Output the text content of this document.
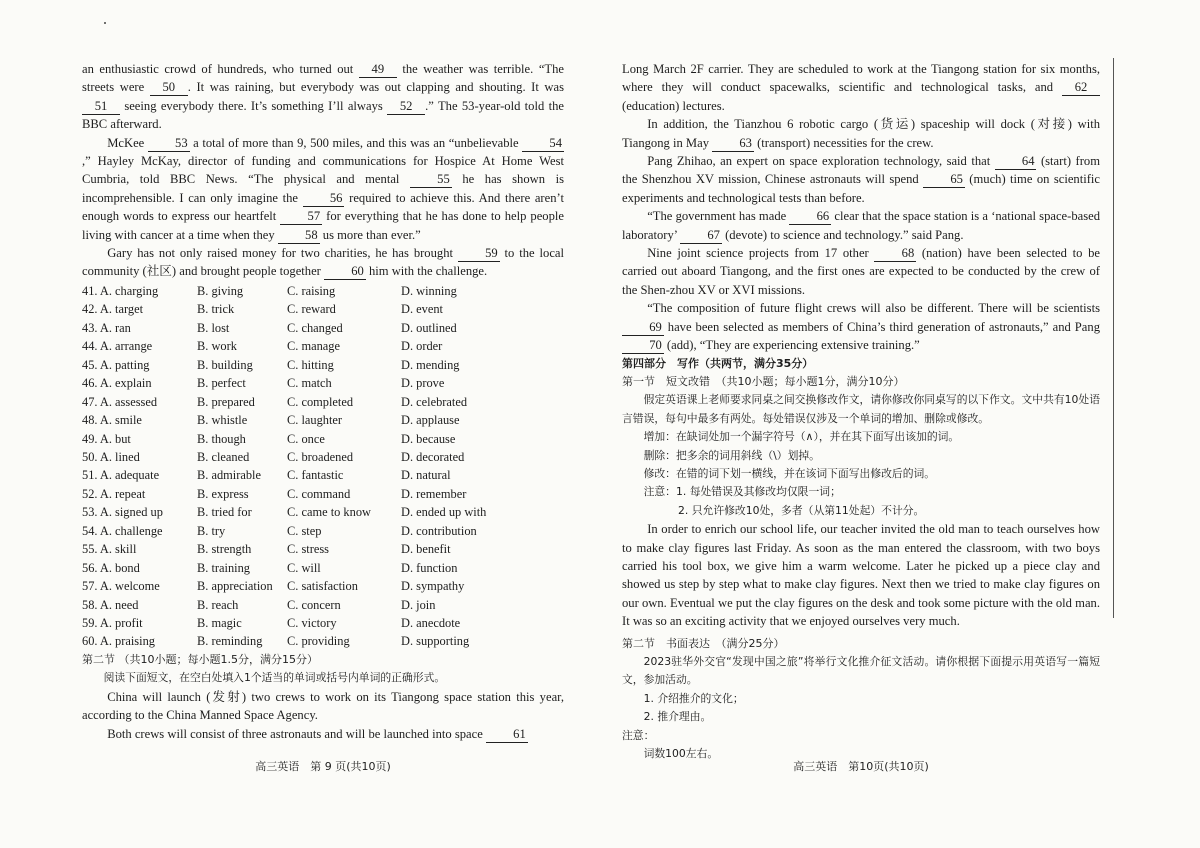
an enthusiastic crowd of hundreds, who turned out 49 the weather was terrible. “The streets were 50 . It was raining, but everybody was out clapping and shouting. It was 51 seeing everybody there. It’s something I’ll always 52 .” The 53-year-old told the BBC afterward.

McKee 53 a total of more than 9, 500 miles, and this was an “unbelievable 54,” Hayley McKay, director of funding and communications for Hospice At Home West Cumbria, told BBC News. “The physical and mental 55 he has shown is incomprehensible. I can only imagine the 56 required to achieve this. And there aren’t enough words to express our heartfelt 57 for everything that he has done to help people living with cancer at a time when they 58 us more than ever.”

Gary has not only raised money for two charities, he has brought 59 to the local community (社区) and brought people together 60 him with the challenge.

41. A. charging	B. giving	C. raising	D. winning
42. A. target	B. trick	C. reward	D. event
43. A. ran	B. lost	C. changed	D. outlined
44. A. arrange	B. work	C. manage	D. order
45. A. patting	B. building	C. hitting	D. mending
46. A. explain	B. perfect	C. match	D. prove
47. A. assessed	B. prepared	C. completed	D. celebrated
48. A. smile	B. whistle	C. laughter	D. applause
49. A. but	B. though	C. once	D. because
50. A. lined	B. cleaned	C. broadened	D. decorated
51. A. adequate	B. admirable	C. fantastic	D. natural
52. A. repeat	B. express	C. command	D. remember
53. A. signed up	B. tried for	C. came to know	D. ended up with
54. A. challenge	B. try	C. step	D. contribution
55. A. skill	B. strength	C. stress	D. benefit
56. A. bond	B. training	C. will	D. function
57. A. welcome	B. appreciation	C. satisfaction	D. sympathy
58. A. need	B. reach	C. concern	D. join
59. A. profit	B. magic	C. victory	D. anecdote
60. A. praising	B. reminding	C. providing	D. supporting

第二节 （共10小题；每小题1.5分，满分15分）

阅读下面短文，在空白处填入1个适当的单词或括号内单词的正确形式。

China will launch (发射) two crews to work on its Tiangong space station this year, according to the China Manned Space Agency.

Both crews will consist of three astronauts and will be launched into space 61

高三英语　第 9 页(共10页)

Long March 2F carrier. They are scheduled to work at the Tiangong station for six months, where they will conduct spacewalks, scientific and technological tasks, and 62 (education) lectures.

In addition, the Tianzhou 6 robotic cargo (货运) spaceship will dock (对接) with Tiangong in May 63 (transport) necessities for the crew.

Pang Zhihao, an expert on space exploration technology, said that 64 (start) from the Shenzhou XV mission, Chinese astronauts will spend 65 (much) time on scientific experiments and technological tests than before.

“The government has made 66 clear that the space station is a ‘national space-based laboratory’ 67 (devote) to science and technology.” said Pang.

Nine joint science projects from 17 other 68 (nation) have been selected to be carried out aboard Tiangong, and the first ones are expected to be conducted by the crew of the Shen-zhou XV or XVI missions.

“The composition of future flight crews will also be different. There will be scientists 69 have been selected as members of China’s third generation of astronauts,” and Pang 70 (add), “They are experiencing extensive training.”

第四部分　写作（共两节，满分35分）

第一节　短文改错　（共10小题；每小题1分，满分10分）

假定英语课上老师要求同桌之间交换修改作文，请你修改你同桌写的以下作文。文中共有10处语言错误，每句中最多有两处。每处错误仅涉及一个单词的增加、删除或修改。

增加：在缺词处加一个漏字符号（∧），并在其下面写出该加的词。

删除：把多余的词用斜线（\）划掉。

修改：在错的词下划一横线，并在该词下面写出修改后的词。

注意：1. 每处错误及其修改均仅限一词；

2. 只允许修改10处，多者（从第11处起）不计分。

In order to enrich our school life, our teacher invited the old man to teach ourselves how to make clay figures last Friday. As soon as the man entered the classroom, with two boys carried his tool box, we give him a warm welcome. Later he picked up a piece clay and showed us step by step what to make clay figures. Next then we tried to make clay figures on our own. Eventual we put the clay figures on the desk and took some picture with the old man. It was so an exciting activity that we enjoyed ourselves very much.

第二节　书面表达　（满分25分）

2023驻华外交官“发现中国之旅”将举行文化推介征文活动。请你根据下面提示用英语写一篇短文，参加活动。

1. 介绍推介的文化；

2. 推介理由。

注意：

词数100左右。

高三英语　第10页(共10页)
